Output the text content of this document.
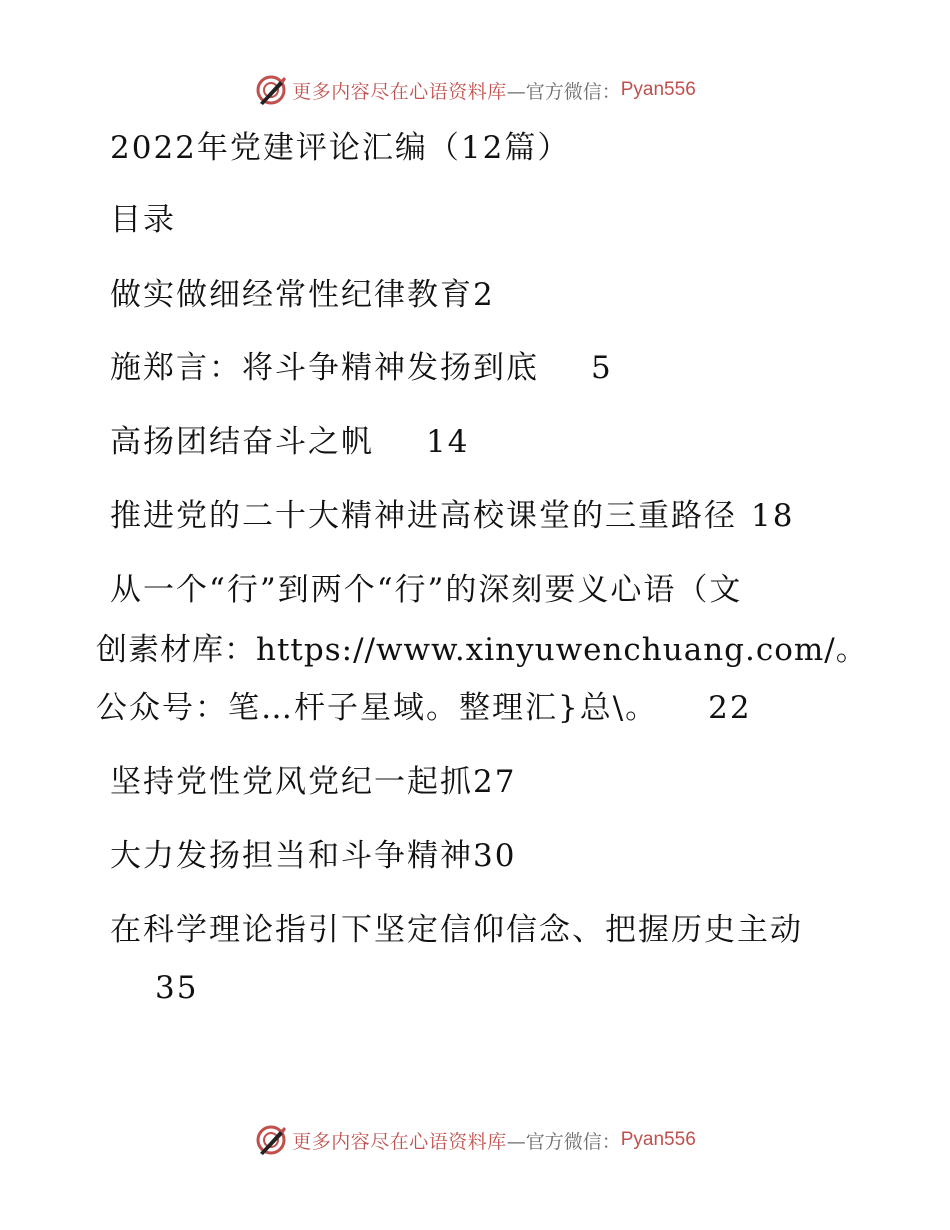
更多内容尽在心语资料库 —官方微信： Pyan556
2022年党建评论汇编（12篇）
目录
做实做细经常性纪律教育2
施郑言：将斗争精神发扬到底 5
高扬团结奋斗之帆 14
推进党的二十大精神进高校课堂的三重路径 18
从一个“行”到两个“行”的深刻要义心语（文
创素材库：https://www.xinyuwenchuang.com/。
公众号：笔…杆子星域。整理汇}总\。 22
坚持党性党风党纪一起抓27
大力发扬担当和斗争精神30
在科学理论指引下坚定信仰信念、把握历史主动
35
更多内容尽在心语资料库 —官方微信： Pyan556
